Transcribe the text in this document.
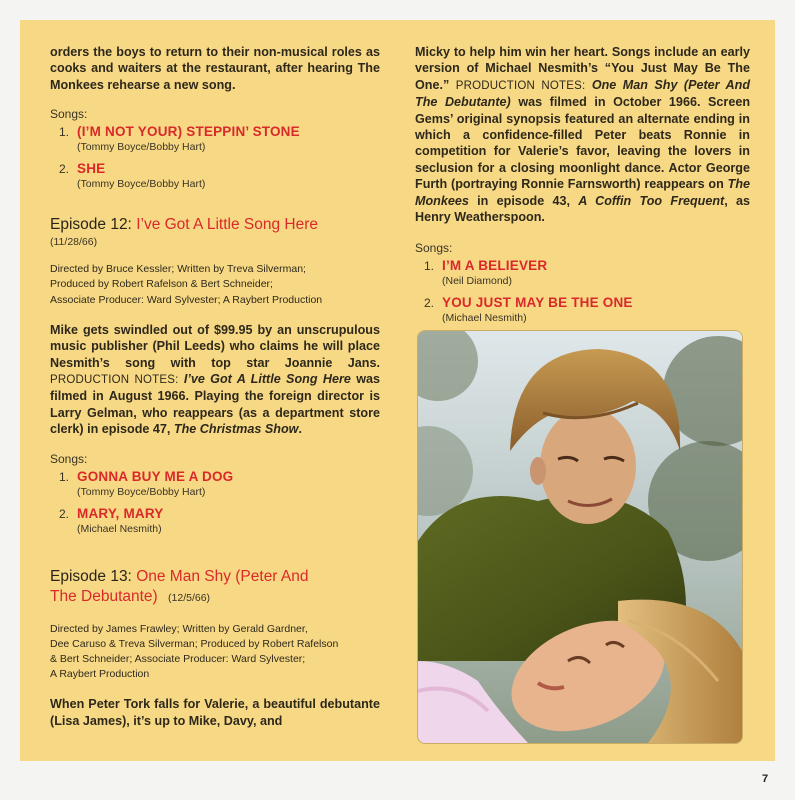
orders the boys to return to their non-musical roles as cooks and waiters at the restaurant, after hearing The Monkees rehearse a new song.

Songs:

1. (I’M NOT YOUR) STEPPIN’ STONE
(Tommy Boyce/Bobby Hart)
2. SHE
(Tommy Boyce/Bobby Hart)

Episode 12: I’ve Got A Little Song Here

(11/28/66)

Directed by Bruce Kessler; Written by Treva Silverman;

Produced by Robert Rafelson & Bert Schneider;

Associate Producer: Ward Sylvester; A Raybert Production

Mike gets swindled out of $99.95 by an unscrupulous music publisher (Phil Leeds) who claims he will place Nesmith’s song with top star Joannie Jans. PRODUCTION NOTES: I’ve Got A Little Song Here was filmed in August 1966. Playing the foreign director is Larry Gelman, who reappears (as a department store clerk) in episode 47, The Christmas Show.

Songs:

1. GONNA BUY ME A DOG
(Tommy Boyce/Bobby Hart)
2. MARY, MARY
(Michael Nesmith)

Episode 13: One Man Shy (Peter And

The Debutante) (12/5/66)

Directed by James Frawley; Written by Gerald Gardner,

Dee Caruso & Treva Silverman; Produced by Robert Rafelson

& Bert Schneider; Associate Producer: Ward Sylvester;

A Raybert Production

When Peter Tork falls for Valerie, a beautiful debutante (Lisa James), it’s up to Mike, Davy, and

Micky to help him win her heart. Songs include an early version of Michael Nesmith’s “You Just May Be The One.” PRODUCTION NOTES: One Man Shy (Peter And The Debutante) was filmed in October 1966. Screen Gems’ original synopsis featured an alternate ending in which a confidence-filled Peter beats Ronnie in competition for Valerie’s favor, leaving the lovers in seclusion for a closing moonlight dance. Actor George Furth (portraying Ronnie Farnsworth) reappears on The Monkees in episode 43, A Coffin Too Frequent, as Henry Weatherspoon.

Songs:

1. I’M A BELIEVER
(Neil Diamond)
2. YOU JUST MAY BE THE ONE
(Michael Nesmith)
7
